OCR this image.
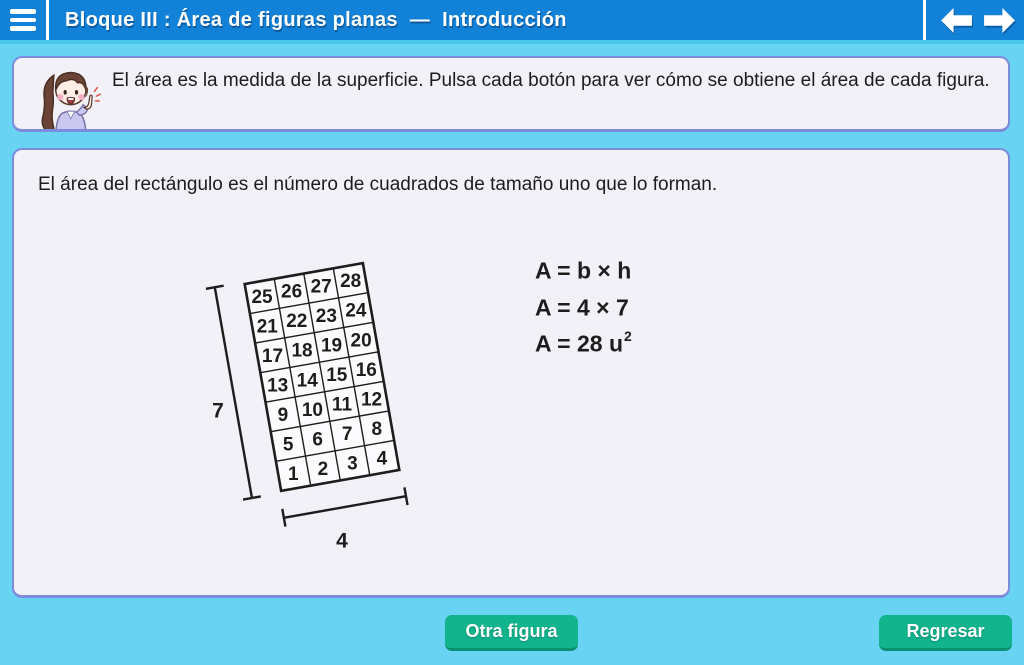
Bloque III : Área de figuras planas — Introducción

El área es la medida de la superficie. Pulsa cada botón para ver cómo se obtiene el área de cada figura.

El área del rectángulo es el número de cuadrados de tamaño uno que lo forman.

25 26 27 28
21 22 23 24
17 18 19 20
13 14 15 16
9 10 11 12
5 6 7 8
1 2 3 4
7
4
A = b × h
A = 4 × 7
A = 28 $u^2$
Otra figura	Regresar
